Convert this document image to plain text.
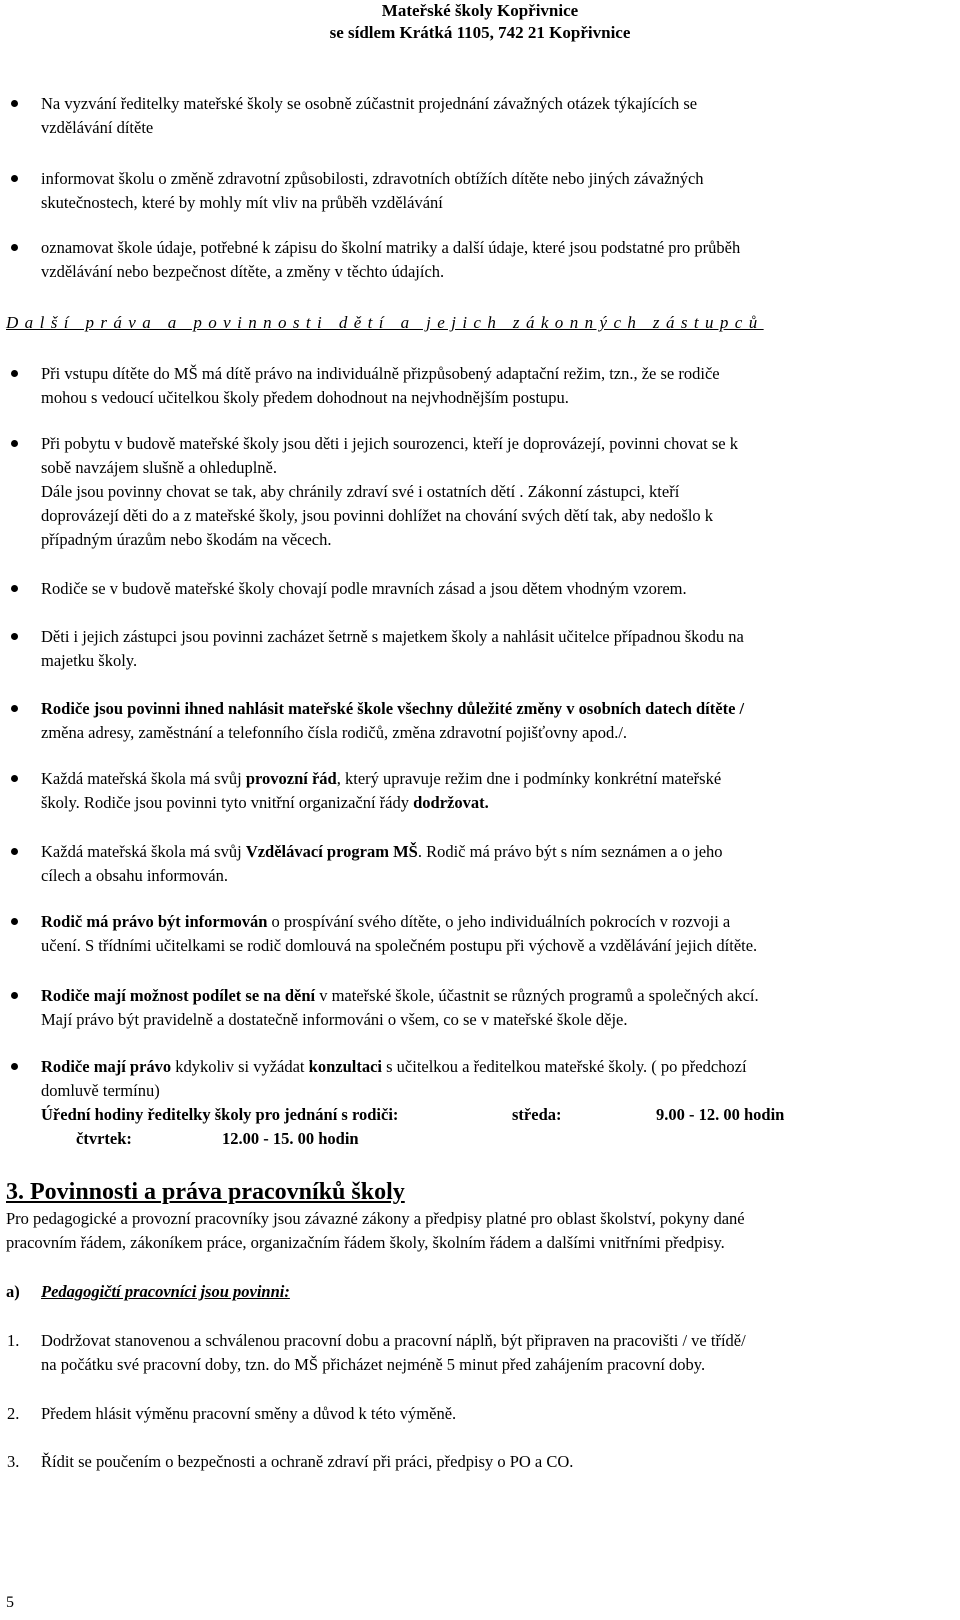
Mateřské školy Kopřivnice
se sídlem Krátká 1105, 742 21 Kopřivnice
Na vyzvání ředitelky mateřské školy se osobně zúčastnit projednání závažných otázek týkajících se
vzdělávání dítěte
informovat školu o změně zdravotní způsobilosti, zdravotních obtížích dítěte nebo jiných závažných
skutečnostech, které by mohly mít vliv na průběh vzdělávání
oznamovat škole údaje, potřebné k zápisu do školní matriky a další údaje, které jsou podstatné pro průběh
vzdělávání nebo bezpečnost dítěte, a změny v těchto údajích.
Další práva a povinnosti dětí a jejich zákonných zástupců
Při vstupu dítěte do MŠ má dítě právo na individuálně přizpůsobený adaptační režim, tzn., že se rodiče
mohou s vedoucí učitelkou školy předem dohodnout na nejvhodnějším postupu.
Při pobytu v budově mateřské školy jsou děti i jejich sourozenci, kteří je doprovázejí, povinni chovat se k
sobě navzájem slušně a ohleduplně.
Dále jsou povinny chovat se tak, aby chránily zdraví své i ostatních dětí . Zákonní zástupci, kteří
doprovázejí děti do a z mateřské školy, jsou povinni dohlížet na chování svých dětí tak, aby nedošlo k
případným úrazům nebo škodám na věcech.
Rodiče se v budově mateřské školy chovají podle mravních zásad a jsou dětem vhodným vzorem.
Děti i jejich zástupci jsou povinni zacházet šetrně s majetkem školy a nahlásit učitelce případnou škodu na
majetku školy.
Rodiče jsou povinni ihned nahlásit mateřské škole všechny důležité změny v osobních datech dítěte /
změna adresy, zaměstnání a telefonního čísla rodičů, změna zdravotní pojišťovny apod./.
Každá mateřská škola má svůj provozní řád, který upravuje režim dne i podmínky konkrétní mateřské
školy. Rodiče jsou povinni tyto vnitřní organizační řády dodržovat.
Každá mateřská škola má svůj Vzdělávací program MŠ. Rodič má právo být s ním seznámen a o jeho
cílech a obsahu informován.
Rodič má právo být informován o prospívání svého dítěte, o jeho individuálních pokrocích v rozvoji a
učení. S třídními učitelkami se rodič domlouvá na společném postupu při výchově a vzdělávání jejich dítěte.
Rodiče mají možnost podílet se na dění v mateřské škole, účastnit se různých programů a společných akcí.
Mají právo být pravidelně a dostatečně informováni o všem, co se v mateřské škole děje.
Rodiče mají právo kdykoliv si vyžádat konzultaci s učitelkou a ředitelkou mateřské školy. ( po předchozí
domluvě termínu)
Úřední hodiny ředitelky školy pro jednání s rodiči:	středa:	9.00 - 12. 00 hodin
čtvrtek:	12.00 - 15. 00 hodin
3. Povinnosti a práva pracovníků školy
Pro pedagogické a provozní pracovníky jsou závazné zákony a předpisy platné pro oblast školství, pokyny dané
pracovním řádem, zákoníkem práce, organizačním řádem školy, školním řádem a dalšími vnitřními předpisy.
a) Pedagogičtí pracovníci jsou povinni:
1. Dodržovat stanovenou a schválenou pracovní dobu a pracovní náplň, být připraven na pracovišti / ve třídě/
na počátku své pracovní doby, tzn. do MŠ přicházet nejméně 5 minut před zahájením pracovní doby.
2. Předem hlásit výměnu pracovní směny a důvod k této výměně.
3. Řídit se poučením o bezpečnosti a ochraně zdraví při práci, předpisy o PO a CO.
5
